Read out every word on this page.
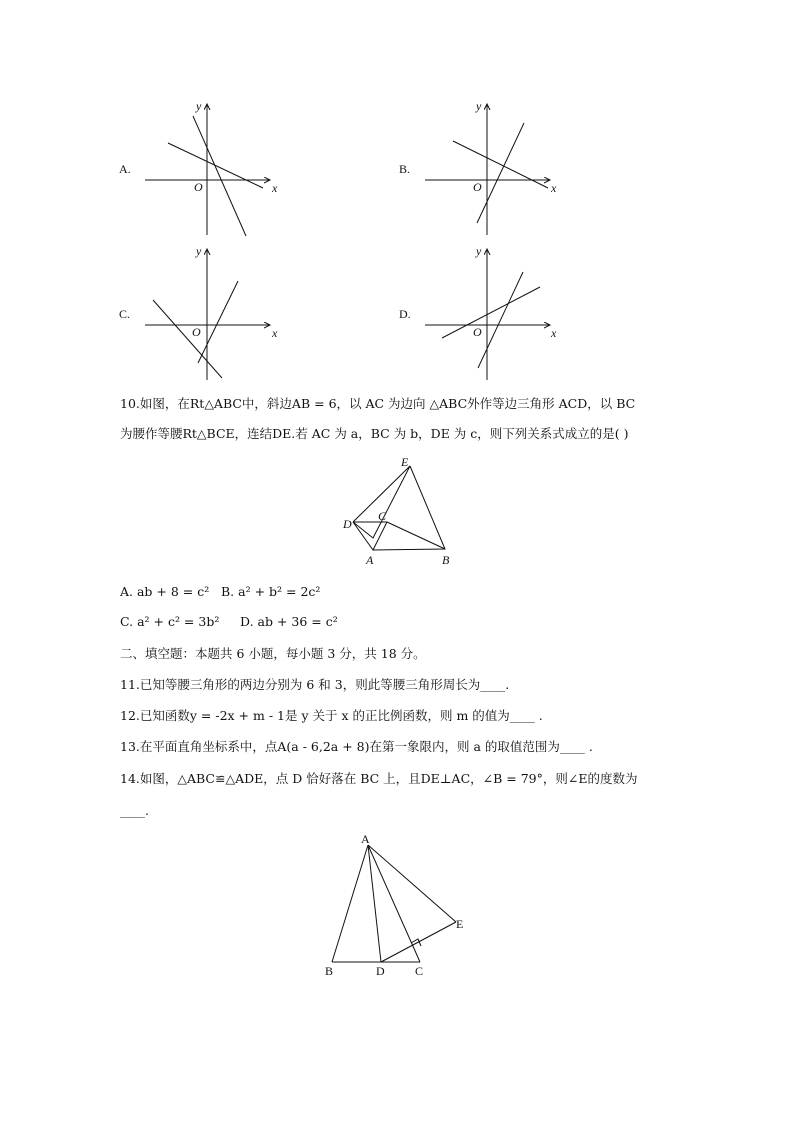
A.
y
x
O
B.
y
x
O
C.
y
x
O
D.
y
x
O
10.如图，在Rt△ABC中，斜边AB = 6，以 AC 为边向 △ABC外作等边三角形 ACD，以 BC
为腰作等腰Rt△BCE，连结DE.若 AC 为 a，BC 为 b，DE 为 c，则下列关系式成立的是( )
E
D
C
A	B
A. ab + 8 = c² B. a² + b² = 2c²
C. a² + c² = 3b² D. ab + 36 = c²
二、填空题：本题共 6 小题，每小题 3 分，共 18 分。
11.已知等腰三角形的两边分别为 6 和 3，则此等腰三角形周长为____.
12.已知函数y = -2x + m - 1是 y 关于 x 的正比例函数，则 m 的值为____ .
13.在平面直角坐标系中，点A(a - 6,2a + 8)在第一象限内，则 a 的取值范围为____ .
14.如图，△ABC≌△ADE，点 D 恰好落在 BC 上，且DE⊥AC，∠B = 79°，则∠E的度数为
____.
A
B	D	C
E
